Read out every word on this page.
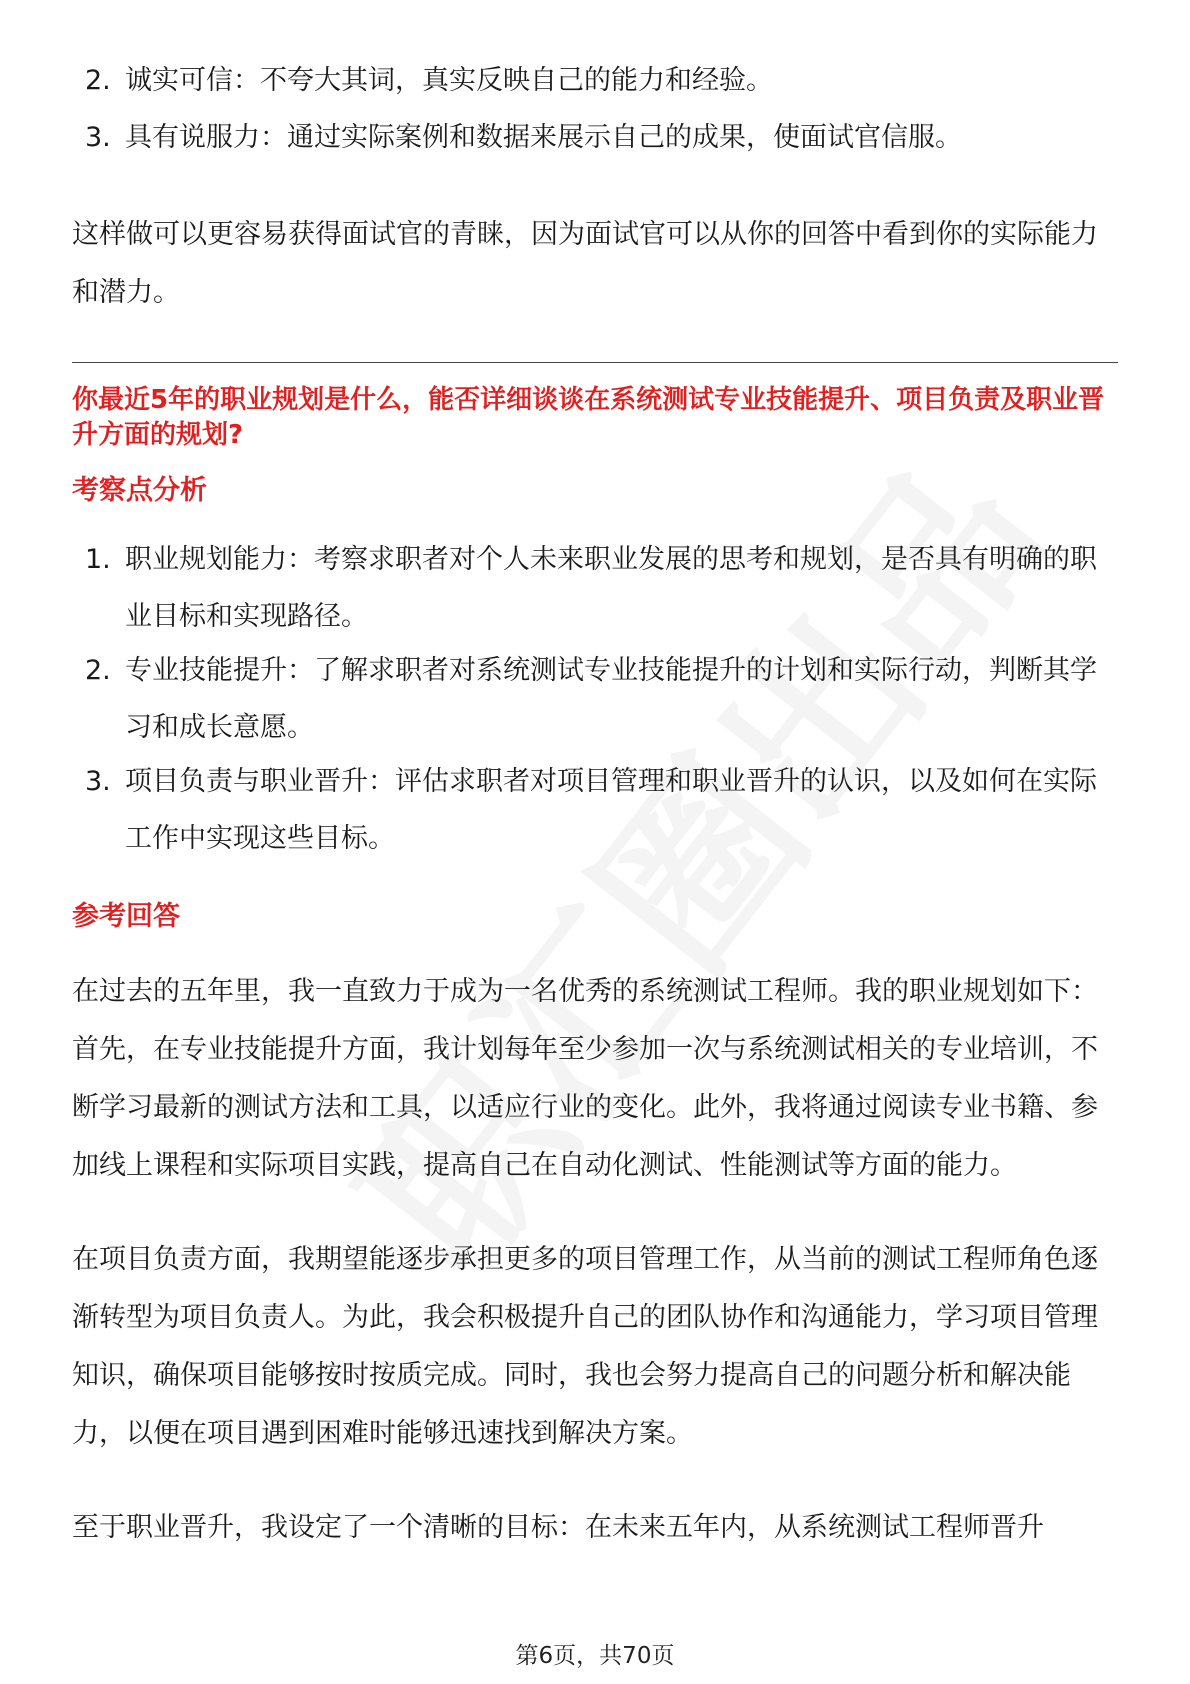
2. 诚实可信：不夸大其词，真实反映自己的能力和经验。
3. 具有说服力：通过实际案例和数据来展示自己的成果，使面试官信服。

这样做可以更容易获得面试官的青睐，因为面试官可以从你的回答中看到你的实际能力和潜力。

你最近5年的职业规划是什么，能否详细谈谈在系统测试专业技能提升、项目负责及职业晋升方面的规划?
考察点分析
1. 职业规划能力：考察求职者对个人未来职业发展的思考和规划，是否具有明确的职业目标和实现路径。
2. 专业技能提升：了解求职者对系统测试专业技能提升的计划和实际行动，判断其学习和成长意愿。
3. 项目负责与职业晋升：评估求职者对项目管理和职业晋升的认识，以及如何在实际工作中实现这些目标。
参考回答

在过去的五年里，我一直致力于成为一名优秀的系统测试工程师。我的职业规划如下：首先，在专业技能提升方面，我计划每年至少参加一次与系统测试相关的专业培训，不断学习最新的测试方法和工具，以适应行业的变化。此外，我将通过阅读专业书籍、参加线上课程和实际项目实践，提高自己在自动化测试、性能测试等方面的能力。

在项目负责方面，我期望能逐步承担更多的项目管理工作，从当前的测试工程师角色逐渐转型为项目负责人。为此，我会积极提升自己的团队协作和沟通能力，学习项目管理知识，确保项目能够按时按质完成。同时，我也会努力提高自己的问题分析和解决能力，以便在项目遇到困难时能够迅速找到解决方案。

至于职业晋升，我设定了一个清晰的目标：在未来五年内，从系统测试工程师晋升

第6页，共70页
